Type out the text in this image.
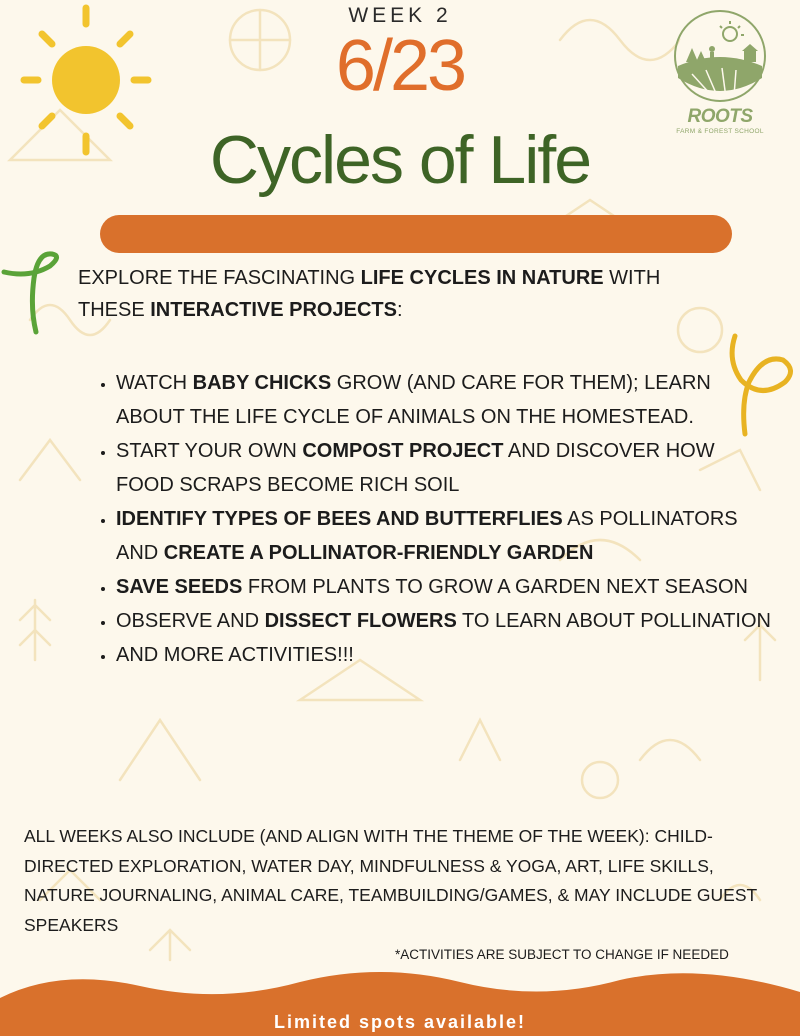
WEEK 2
6/23
Cycles of Life
ROOTS
FARM & FOREST SCHOOL
EXPLORE THE FASCINATING LIFE CYCLES IN NATURE WITH THESE INTERACTIVE PROJECTS:
• WATCH BABY CHICKS GROW (AND CARE FOR THEM); LEARN ABOUT THE LIFE CYCLE OF ANIMALS ON THE HOMESTEAD.
• START YOUR OWN COMPOST PROJECT AND DISCOVER HOW FOOD SCRAPS BECOME RICH SOIL
• IDENTIFY TYPES OF BEES AND BUTTERFLIES AS POLLINATORS AND CREATE A POLLINATOR-FRIENDLY GARDEN
• SAVE SEEDS FROM PLANTS TO GROW A GARDEN NEXT SEASON
• OBSERVE AND DISSECT FLOWERS TO LEARN ABOUT POLLINATION
• AND MORE ACTIVITIES!!!
ALL WEEKS ALSO INCLUDE (AND ALIGN WITH THE THEME OF THE WEEK): CHILD-DIRECTED EXPLORATION, WATER DAY, MINDFULNESS & YOGA, ART, LIFE SKILLS, NATURE JOURNALING, ANIMAL CARE, TEAMBUILDING/GAMES, & MAY INCLUDE GUEST SPEAKERS
*ACTIVITIES ARE SUBJECT TO CHANGE IF NEEDED
Limited spots available!
